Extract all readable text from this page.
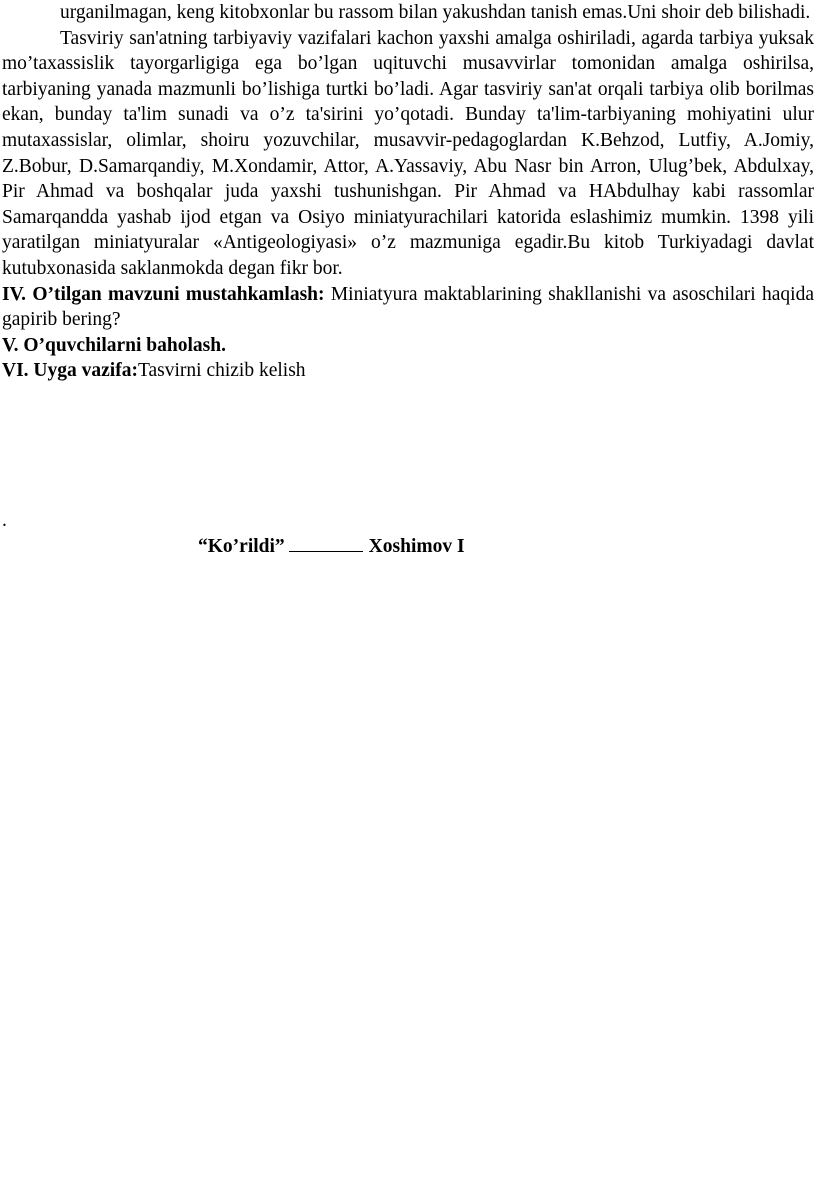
urganilmagan, keng kitobxonlar bu rassom bilan yakushdan tanish emas.Uni shoir deb bilishadi.

Tasviriy san'atning tarbiyaviy vazifalari kachon yaxshi amalga oshiriladi, agarda tarbiya yuksak mo’taxassislik tayorgarligiga ega bo’lgan uqituvchi musavvirlar tomonidan amalga oshirilsa, tarbiyaning yanada mazmunli bo’lishiga turtki bo’ladi. Agar tasviriy san'at orqali tarbiya olib borilmas ekan, bunday ta'lim sunadi va o’z ta'sirini yo’qotadi. Bunday ta'lim-tarbiyaning mohiyatini ulur mutaxassislar, olimlar, shoiru yozuvchilar, musavvir-pedagoglardan K.Behzod, Lutfiy, A.Jomiy, Z.Bobur, D.Samarqandiy, M.Xondamir, Attor, A.Yassaviy, Abu Nasr bin Arron, Ulug’bek, Abdulxay, Pir Ahmad va boshqalar juda yaxshi tushunishgan. Pir Ahmad va HAbdulhay kabi rassomlar Samarqandda yashab ijod etgan va Osiyo miniatyurachilari katorida eslashimiz mumkin. 1398 yili yaratilgan miniatyuralar «Antigeologiyasi» o’z mazmuniga egadir.Bu kitob Turkiyadagi davlat kutubxonasida saklanmokda degan fikr bor.

IV. O’tilgan mavzuni mustahkamlash: Miniatyura maktablarining shakllanishi va asoschilari haqida gapirib bering?

V. O’quvchilarni baholash.

VI. Uyga vazifa:Tasvirni chizib kelish

.
“Ko’rildi”	Xoshimov I
